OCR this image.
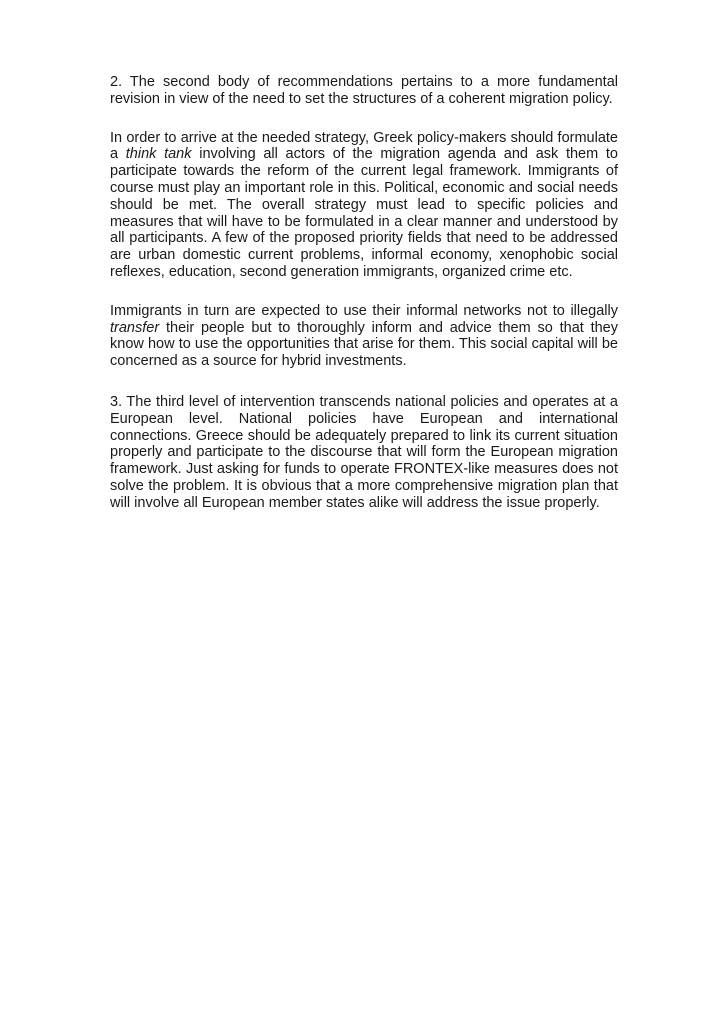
2. The second body of recommendations pertains to a more fundamental revision in view of the need to set the structures of a coherent migration policy.

In order to arrive at the needed strategy, Greek policy-makers should formulate a think tank involving all actors of the migration agenda and ask them to participate towards the reform of the current legal framework. Immigrants of course must play an important role in this. Political, economic and social needs should be met. The overall strategy must lead to specific policies and measures that will have to be formulated in a clear manner and understood by all participants. A few of the proposed priority fields that need to be addressed are urban domestic current problems, informal economy, xenophobic social reflexes, education, second generation immigrants, organized crime etc.

Immigrants in turn are expected to use their informal networks not to illegally transfer their people but to thoroughly inform and advice them so that they know how to use the opportunities that arise for them. This social capital will be concerned as a source for hybrid investments.

3. The third level of intervention transcends national policies and operates at a European level. National policies have European and international connections. Greece should be adequately prepared to link its current situation properly and participate to the discourse that will form the European migration framework. Just asking for funds to operate FRONTEX-like measures does not solve the problem. It is obvious that a more comprehensive migration plan that will involve all European member states alike will address the issue properly.
